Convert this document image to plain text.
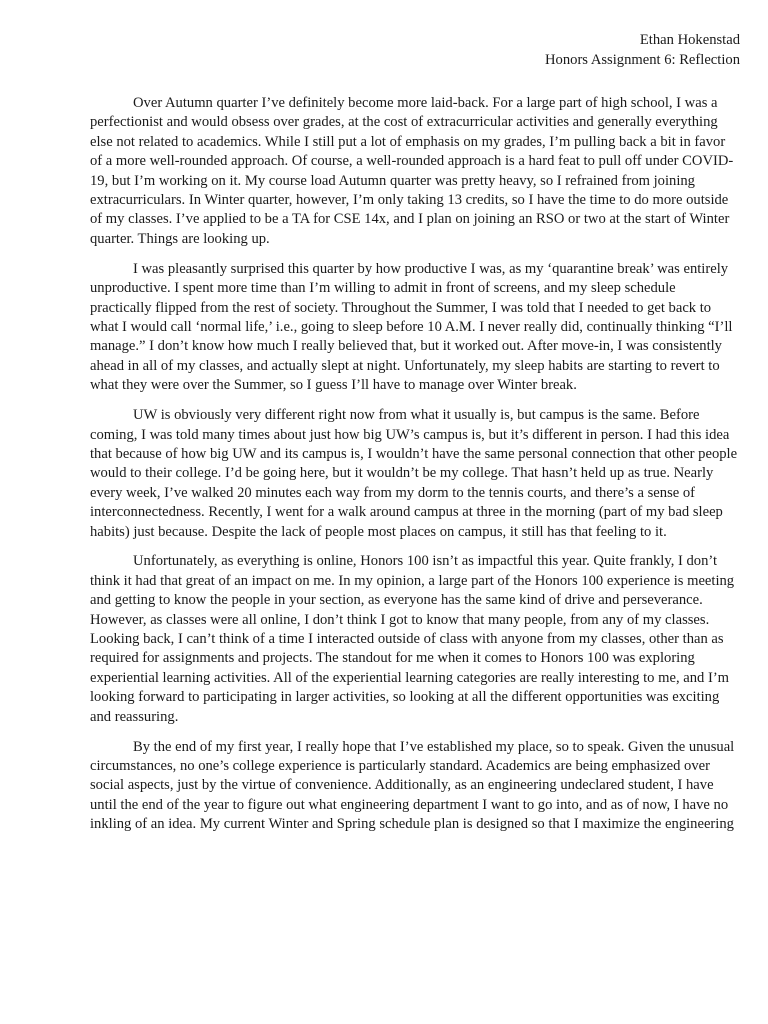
Ethan Hokenstad
Honors Assignment 6: Reflection

Over Autumn quarter I’ve definitely become more laid-back. For a large part of high school, I was a perfectionist and would obsess over grades, at the cost of extracurricular activities and generally everything else not related to academics. While I still put a lot of emphasis on my grades, I’m pulling back a bit in favor of a more well-rounded approach. Of course, a well-rounded approach is a hard feat to pull off under COVID-19, but I’m working on it. My course load Autumn quarter was pretty heavy, so I refrained from joining extracurriculars. In Winter quarter, however, I’m only taking 13 credits, so I have the time to do more outside of my classes. I’ve applied to be a TA for CSE 14x, and I plan on joining an RSO or two at the start of Winter quarter. Things are looking up.

I was pleasantly surprised this quarter by how productive I was, as my ‘quarantine break’ was entirely unproductive. I spent more time than I’m willing to admit in front of screens, and my sleep schedule practically flipped from the rest of society. Throughout the Summer, I was told that I needed to get back to what I would call ‘normal life,’ i.e., going to sleep before 10 A.M. I never really did, continually thinking “I’ll manage.” I don’t know how much I really believed that, but it worked out. After move-in, I was consistently ahead in all of my classes, and actually slept at night. Unfortunately, my sleep habits are starting to revert to what they were over the Summer, so I guess I’ll have to manage over Winter break.

UW is obviously very different right now from what it usually is, but campus is the same. Before coming, I was told many times about just how big UW’s campus is, but it’s different in person. I had this idea that because of how big UW and its campus is, I wouldn’t have the same personal connection that other people would to their college. I’d be going here, but it wouldn’t be my college. That hasn’t held up as true. Nearly every week, I’ve walked 20 minutes each way from my dorm to the tennis courts, and there’s a sense of interconnectedness. Recently, I went for a walk around campus at three in the morning (part of my bad sleep habits) just because. Despite the lack of people most places on campus, it still has that feeling to it.

Unfortunately, as everything is online, Honors 100 isn’t as impactful this year. Quite frankly, I don’t think it had that great of an impact on me. In my opinion, a large part of the Honors 100 experience is meeting and getting to know the people in your section, as everyone has the same kind of drive and perseverance. However, as classes were all online, I don’t think I got to know that many people, from any of my classes. Looking back, I can’t think of a time I interacted outside of class with anyone from my classes, other than as required for assignments and projects. The standout for me when it comes to Honors 100 was exploring experiential learning activities. All of the experiential learning categories are really interesting to me, and I’m looking forward to participating in larger activities, so looking at all the different opportunities was exciting and reassuring.

By the end of my first year, I really hope that I’ve established my place, so to speak. Given the unusual circumstances, no one’s college experience is particularly standard. Academics are being emphasized over social aspects, just by the virtue of convenience. Additionally, as an engineering undeclared student, I have until the end of the year to figure out what engineering department I want to go into, and as of now, I have no inkling of an idea. My current Winter and Spring schedule plan is designed so that I maximize the engineering
